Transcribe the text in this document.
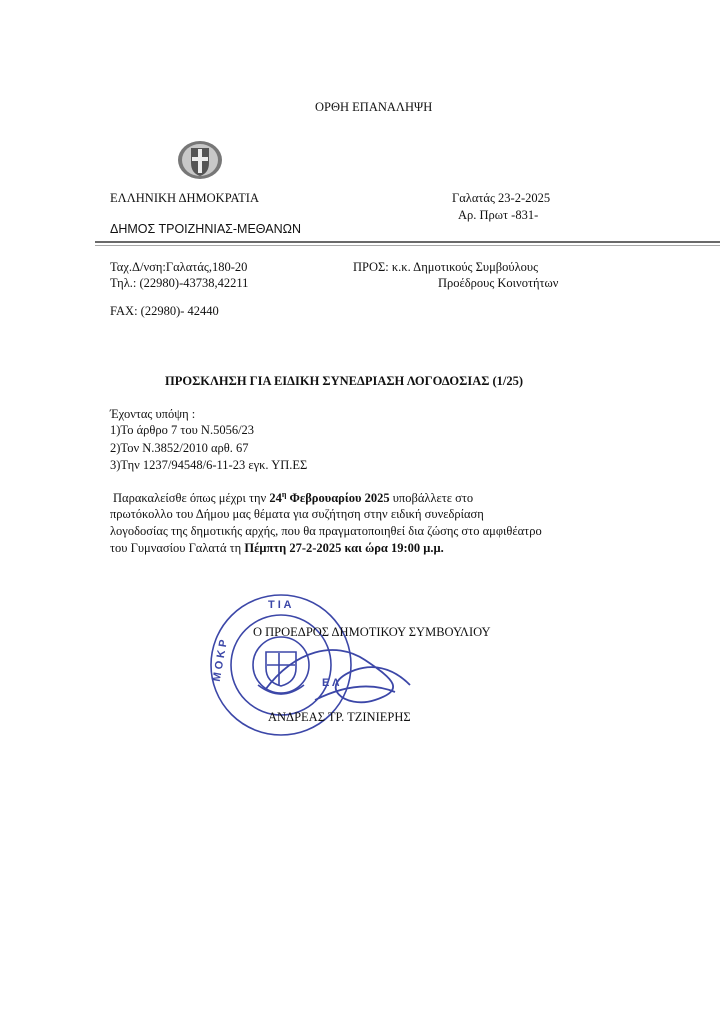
ΟΡΘΗ ΕΠΑΝΑΛΗΨΗ
ΕΛΛΗΝΙΚΗ ΔΗΜΟΚΡΑΤΙΑ	Γαλατάς 23-2-2025
Αρ. Πρωτ -831-
ΔΗΜΟΣ ΤΡΟΙΖΗΝΙΑΣ-ΜΕΘΑΝΩΝ
Ταχ.Δ/νση:Γαλατάς,180-20
Τηλ.: (22980)-43738,42211
ΠΡΟΣ: κ.κ. Δημοτικούς Συμβούλους
Προέδρους Κοινοτήτων
FAX: (22980)- 42440
ΠΡΟΣΚΛΗΣΗ ΓΙΑ ΕΙΔΙΚΗ ΣΥΝΕΔΡΙΑΣΗ ΛΟΓΟΔΟΣΙΑΣ (1/25)
Έχοντας υπόψη :
1)Το άρθρο 7 του Ν.5056/23
2)Τον Ν.3852/2010 αρθ. 67
3)Την 1237/94548/6-11-23 εγκ. ΥΠ.ΕΣ
Παρακαλείσθε όπως μέχρι την $24^\eta$ Φεβρουαρίου 2025 υποβάλλετε στο
πρωτόκολλο του Δήμου μας θέματα για συζήτηση στην ειδική συνεδρίαση
λογοδοσίας της δημοτικής αρχής, που θα πραγματοποιηθεί δια ζώσης στο αμφιθέατρο
του Γυμνασίου Γαλατά τη Πέμπτη 27-2-2025 και ώρα 19:00 μ.μ.
Τ Ι Α
Μ Ο Κ Ρ
Ε Λ
Ο ΠΡΟΕΔΡΟΣ ΔΗΜΟΤΙΚΟΥ ΣΥΜΒΟΥΛΙΟΥ
ΑΝΔΡΕΑΣ ΤΡ. ΤΖΙΝΙΕΡΗΣ
